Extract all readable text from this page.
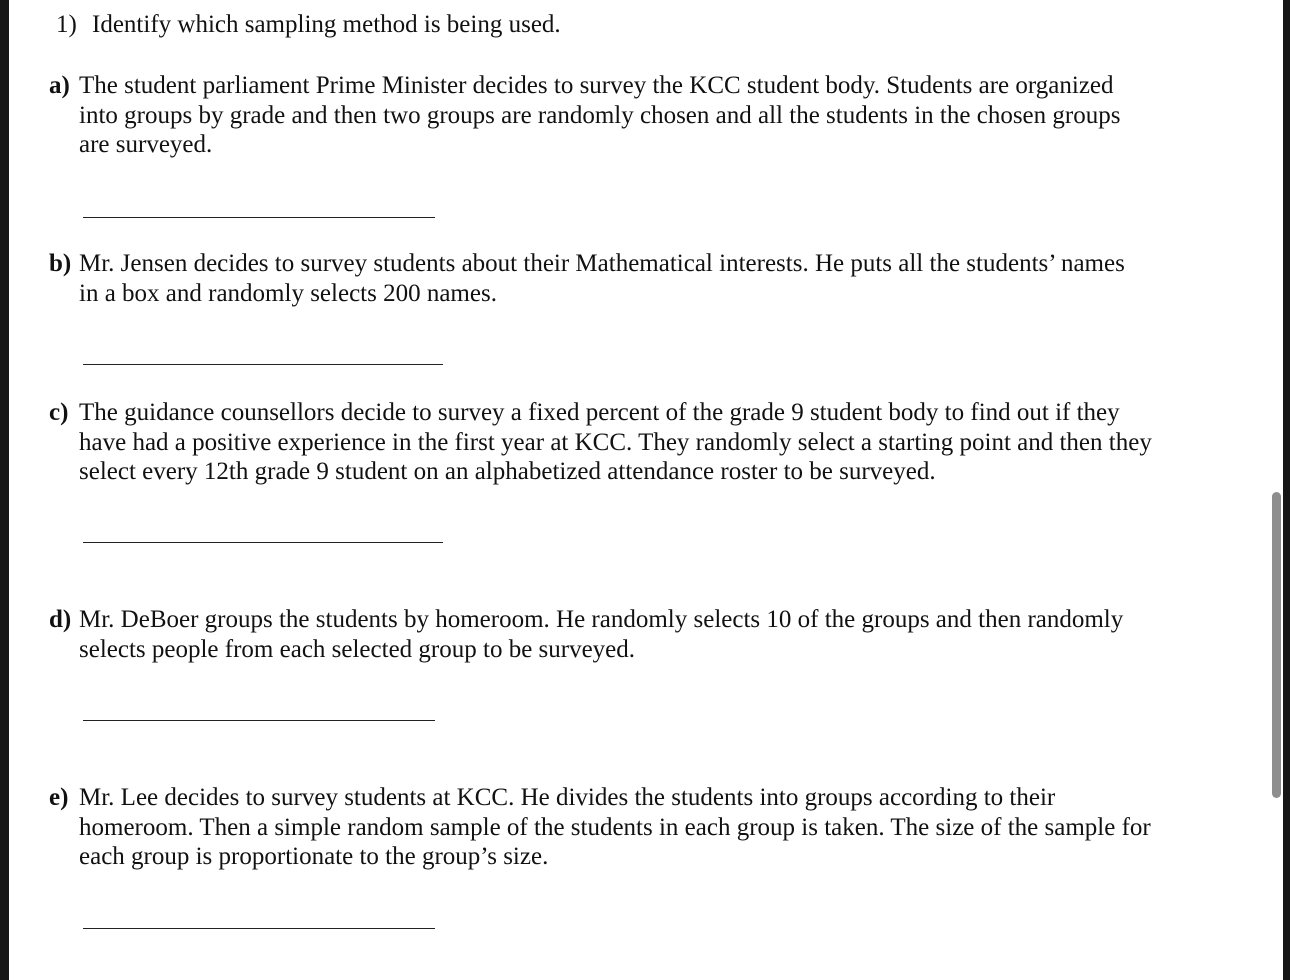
1) Identify which sampling method is being used.
a) The student parliament Prime Minister decides to survey the KCC student body. Students are organized
into groups by grade and then two groups are randomly chosen and all the students in the chosen groups
are surveyed.
b) Mr. Jensen decides to survey students about their Mathematical interests. He puts all the students’ names
in a box and randomly selects 200 names.
c) The guidance counsellors decide to survey a fixed percent of the grade 9 student body to find out if they
have had a positive experience in the first year at KCC. They randomly select a starting point and then they
select every 12th grade 9 student on an alphabetized attendance roster to be surveyed.
d) Mr. DeBoer groups the students by homeroom. He randomly selects 10 of the groups and then randomly
selects people from each selected group to be surveyed.
e) Mr. Lee decides to survey students at KCC. He divides the students into groups according to their
homeroom. Then a simple random sample of the students in each group is taken. The size of the sample for
each group is proportionate to the group’s size.
